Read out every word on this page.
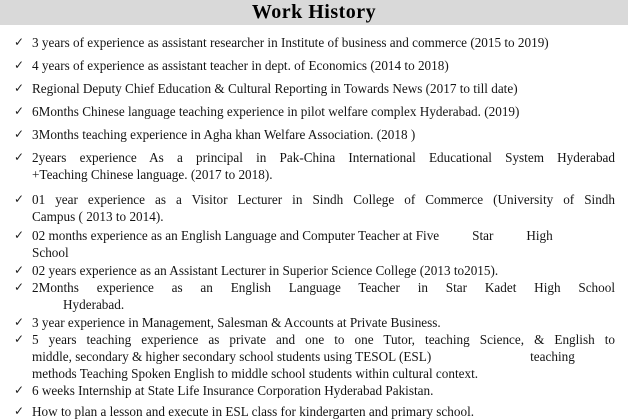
Work History
✓ 3 years of experience as assistant researcher in Institute of business and commerce (2015 to 2019)
✓ 4 years of experience as assistant teacher in dept. of Economics (2014 to 2018)
✓ Regional Deputy Chief Education & Cultural Reporting in Towards News (2017 to till date)
✓ 6Months Chinese language teaching experience in pilot welfare complex Hyderabad. (2019)
✓ 3Months teaching experience in Agha khan Welfare Association. (2018 )
✓ 2years experience As a principal in Pak-China International Educational System Hyderabad
+Teaching Chinese language. (2017 to 2018).
✓ 01 year experience as a Visitor Lecturer in Sindh College of Commerce (University of Sindh
Campus ( 2013 to 2014).
✓ 02 months experience as an English Language and Computer Teacher at Five          Star          High
School
✓ 02 years experience as an Assistant Lecturer in Superior Science College (2013 to2015).
✓ 2Months experience as an English Language Teacher in Star Kadet High School
Hyderabad.
✓ 3 year experience in Management, Salesman & Accounts at Private Business.
✓ 5 years teaching experience as private and one to one Tutor, teaching Science, & English to
middle, secondary & higher secondary school students using TESOL (ESL)                              teaching
methods Teaching Spoken English to middle school students within cultural context.
✓ 6 weeks Internship at State Life Insurance Corporation Hyderabad Pakistan.
✓ How to plan a lesson and execute in ESL class for kindergarten and primary school.
